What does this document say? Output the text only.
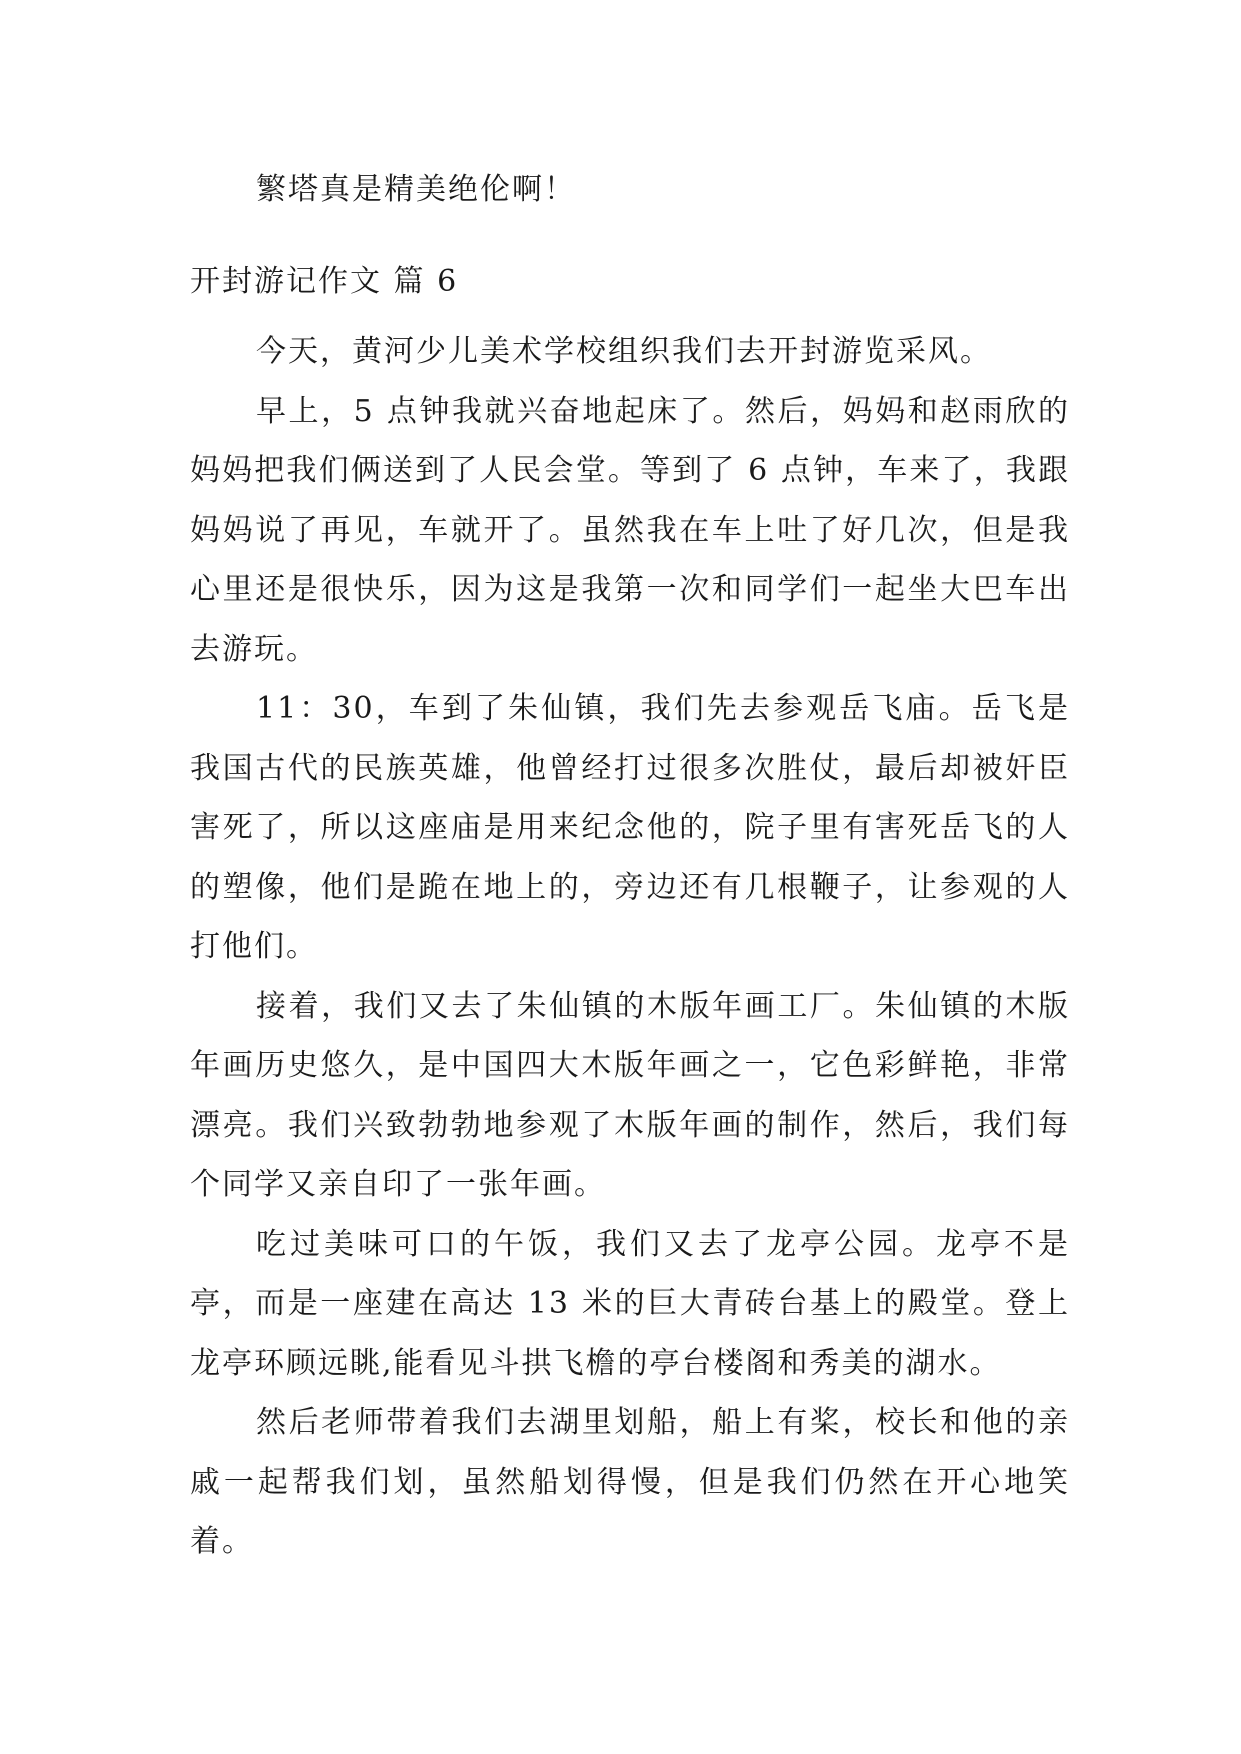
繁塔真是精美绝伦啊！
开封游记作文 篇 6

今天，黄河少儿美术学校组织我们去开封游览采风。

早上，5 点钟我就兴奋地起床了。然后，妈妈和赵雨欣的妈妈把我们俩送到了人民会堂。等到了 6 点钟，车来了，我跟妈妈说了再见，车就开了。虽然我在车上吐了好几次，但是我心里还是很快乐，因为这是我第一次和同学们一起坐大巴车出去游玩。

11：30，车到了朱仙镇，我们先去参观岳飞庙。岳飞是我国古代的民族英雄，他曾经打过很多次胜仗，最后却被奸臣害死了，所以这座庙是用来纪念他的，院子里有害死岳飞的人的塑像，他们是跪在地上的，旁边还有几根鞭子，让参观的人打他们。

接着，我们又去了朱仙镇的木版年画工厂。朱仙镇的木版年画历史悠久，是中国四大木版年画之一，它色彩鲜艳，非常漂亮。我们兴致勃勃地参观了木版年画的制作，然后，我们每个同学又亲自印了一张年画。

吃过美味可口的午饭，我们又去了龙亭公园。龙亭不是亭，而是一座建在高达 13 米的巨大青砖台基上的殿堂。登上龙亭环顾远眺,能看见斗拱飞檐的亭台楼阁和秀美的湖水。

然后老师带着我们去湖里划船，船上有桨，校长和他的亲戚一起帮我们划，虽然船划得慢，但是我们仍然在开心地笑着。
